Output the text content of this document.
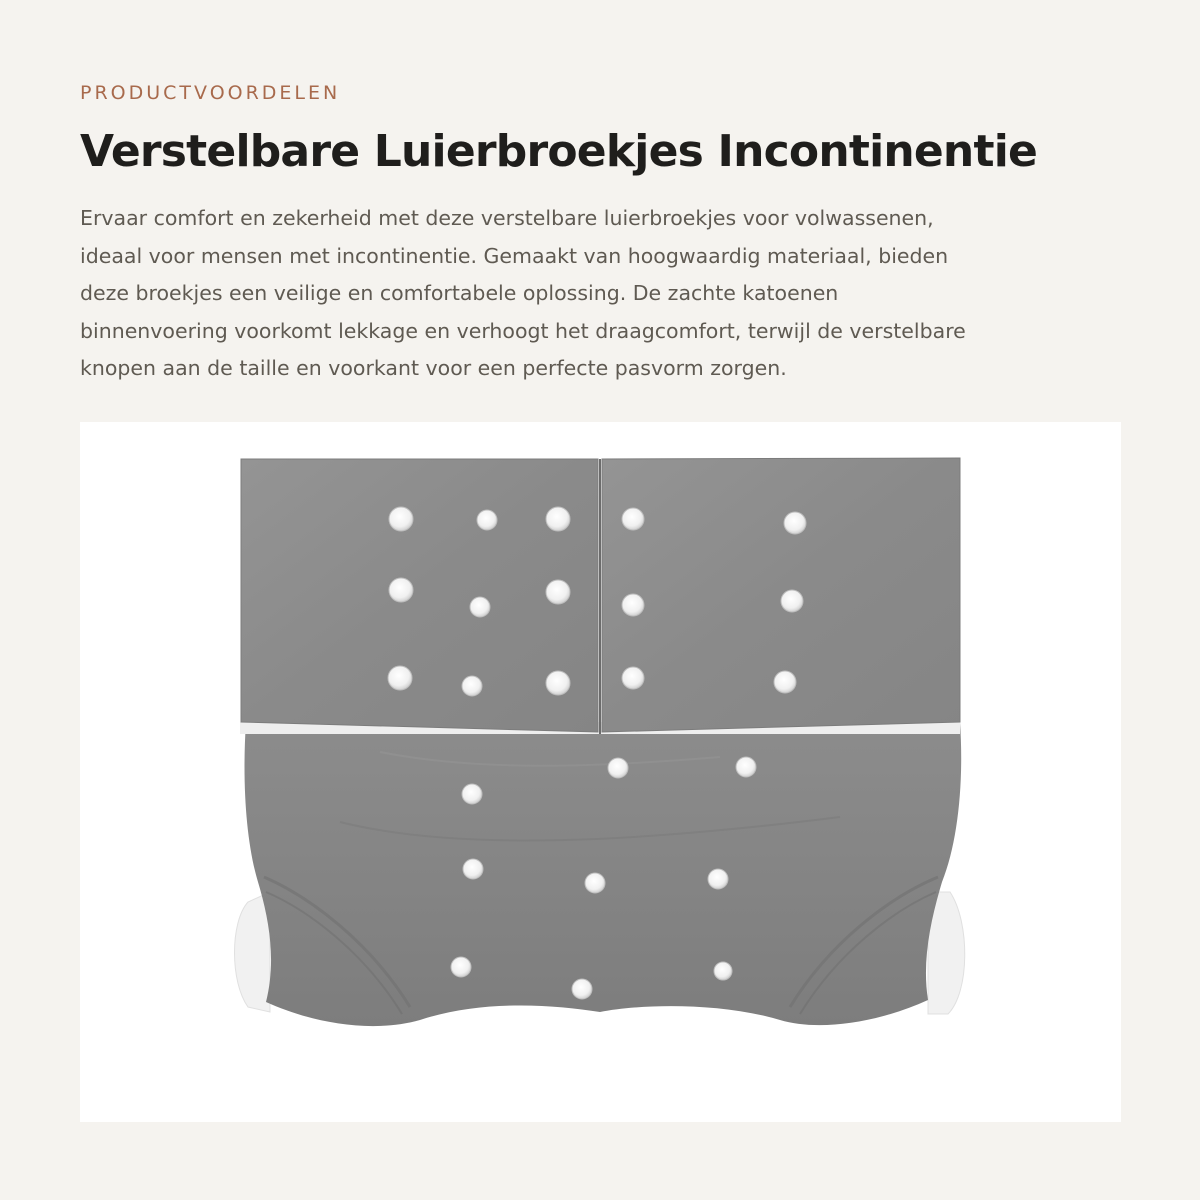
PRODUCTVOORDELEN
Verstelbare Luierbroekjes Incontinentie

Ervaar comfort en zekerheid met deze verstelbare luierbroekjes voor volwassenen,
ideaal voor mensen met incontinentie. Gemaakt van hoogwaardig materiaal, bieden
deze broekjes een veilige en comfortabele oplossing. De zachte katoenen
binnenvoering voorkomt lekkage en verhoogt het draagcomfort, terwijl de verstelbare
knopen aan de taille en voorkant voor een perfecte pasvorm zorgen.
